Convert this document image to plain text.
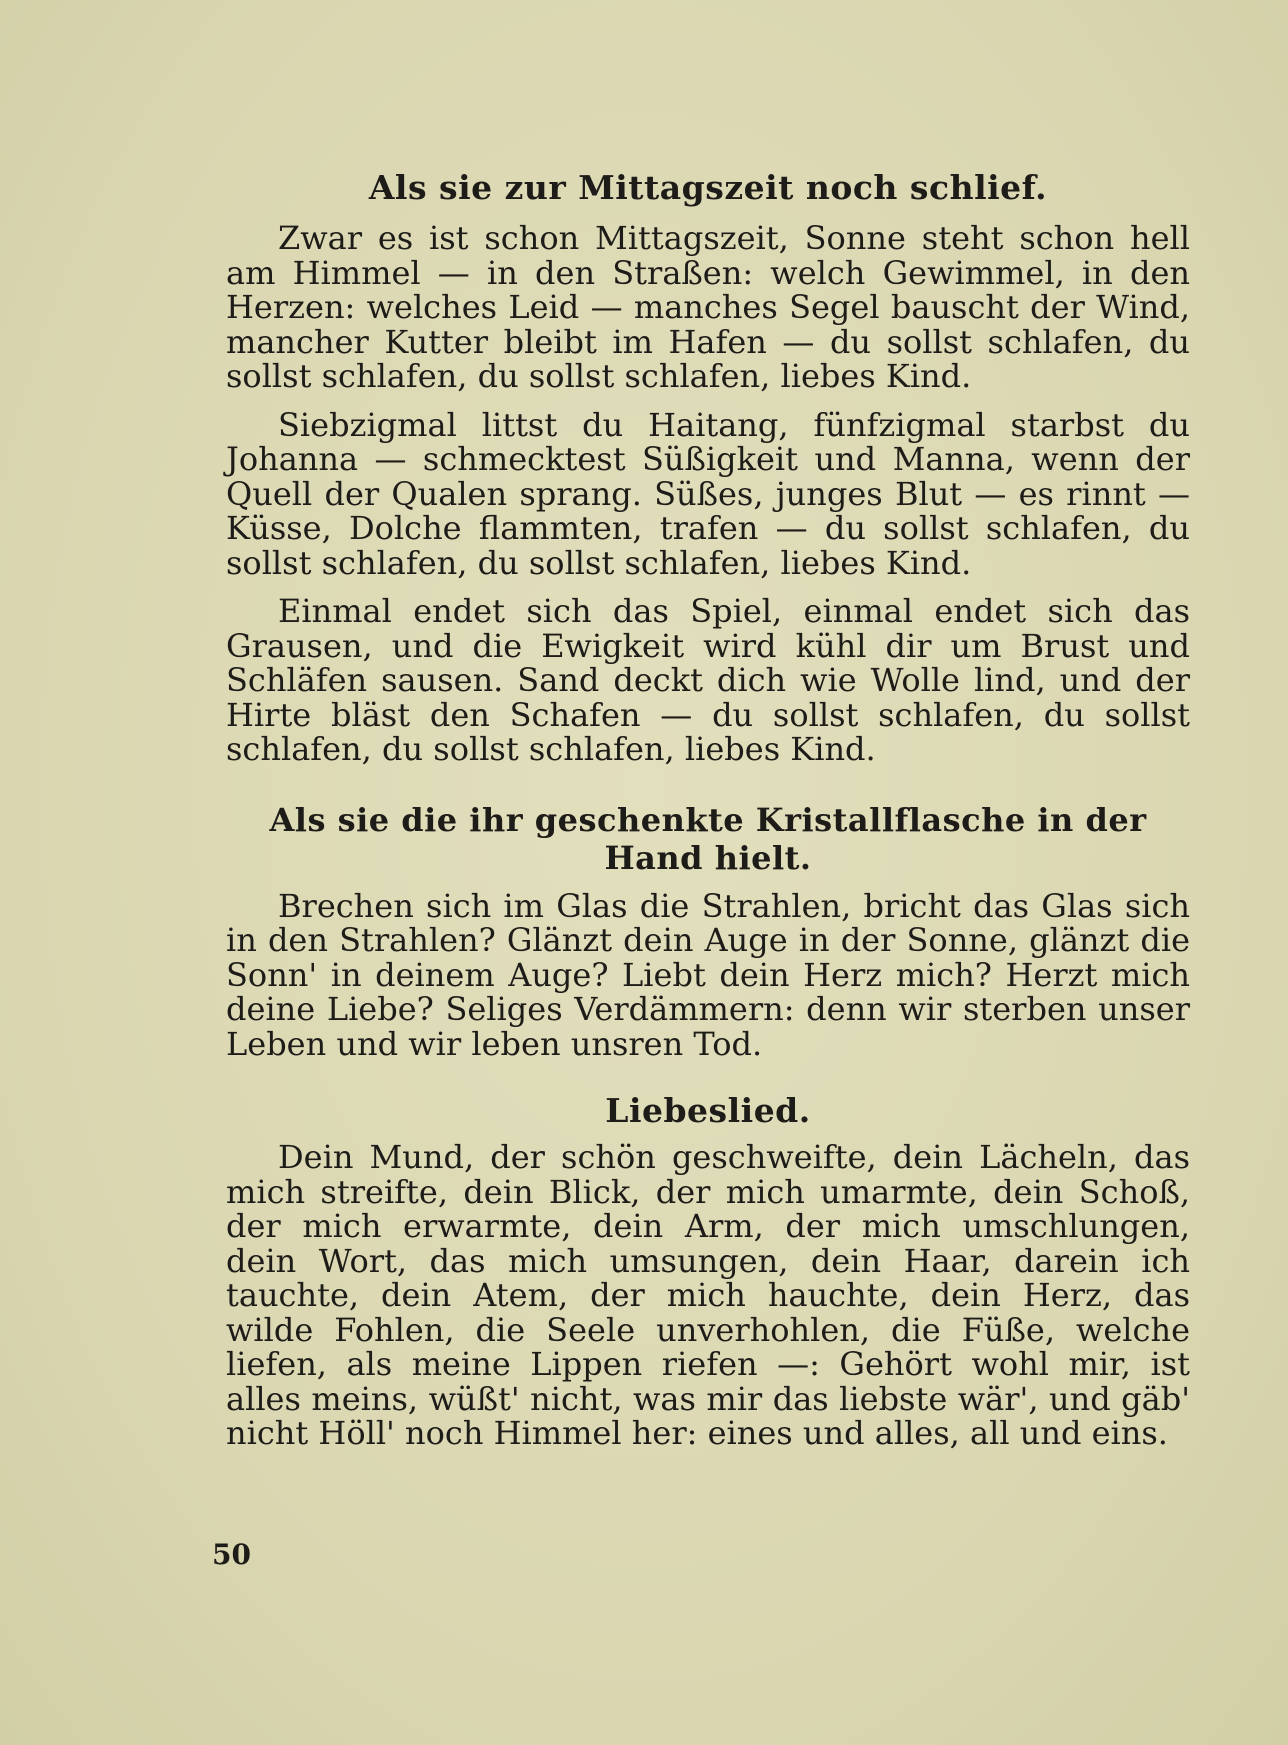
Als sie zur Mittagszeit noch schlief.

Zwar es ist schon Mittagszeit, Sonne steht schon hell am Himmel — in den Straßen: welch Gewimmel, in den Herzen: welches Leid — manches Segel bauscht der Wind, mancher Kutter bleibt im Hafen — du sollst schlafen, du sollst schlafen, du sollst schlafen, liebes Kind.

Siebzigmal littst du Haitang, fünfzigmal starbst du Johanna — schmecktest Süßigkeit und Manna, wenn der Quell der Qualen sprang. Süßes, junges Blut — es rinnt — Küsse, Dolche flammten, trafen — du sollst schlafen, du sollst schlafen, du sollst schlafen, liebes Kind.

Einmal endet sich das Spiel, einmal endet sich das Grausen, und die Ewigkeit wird kühl dir um Brust und Schläfen sausen. Sand deckt dich wie Wolle lind, und der Hirte bläst den Schafen — du sollst schlafen, du sollst schlafen, du sollst schlafen, liebes Kind.

Als sie die ihr geschenkte Kristallflasche in der Hand hielt.

Brechen sich im Glas die Strahlen, bricht das Glas sich in den Strahlen? Glänzt dein Auge in der Sonne, glänzt die Sonn' in deinem Auge? Liebt dein Herz mich? Herzt mich deine Liebe? Seliges Verdämmern: denn wir sterben unser Leben und wir leben unsren Tod.

Liebeslied.

Dein Mund, der schön geschweifte, dein Lächeln, das mich streifte, dein Blick, der mich umarmte, dein Schoß, der mich erwarmte, dein Arm, der mich umschlungen, dein Wort, das mich umsungen, dein Haar, darein ich tauchte, dein Atem, der mich hauchte, dein Herz, das wilde Fohlen, die Seele unverhohlen, die Füße, welche liefen, als meine Lippen riefen —: Gehört wohl mir, ist alles meins, wüßt' nicht, was mir das liebste wär', und gäb' nicht Höll' noch Himmel her: eines und alles, all und eins.

50
